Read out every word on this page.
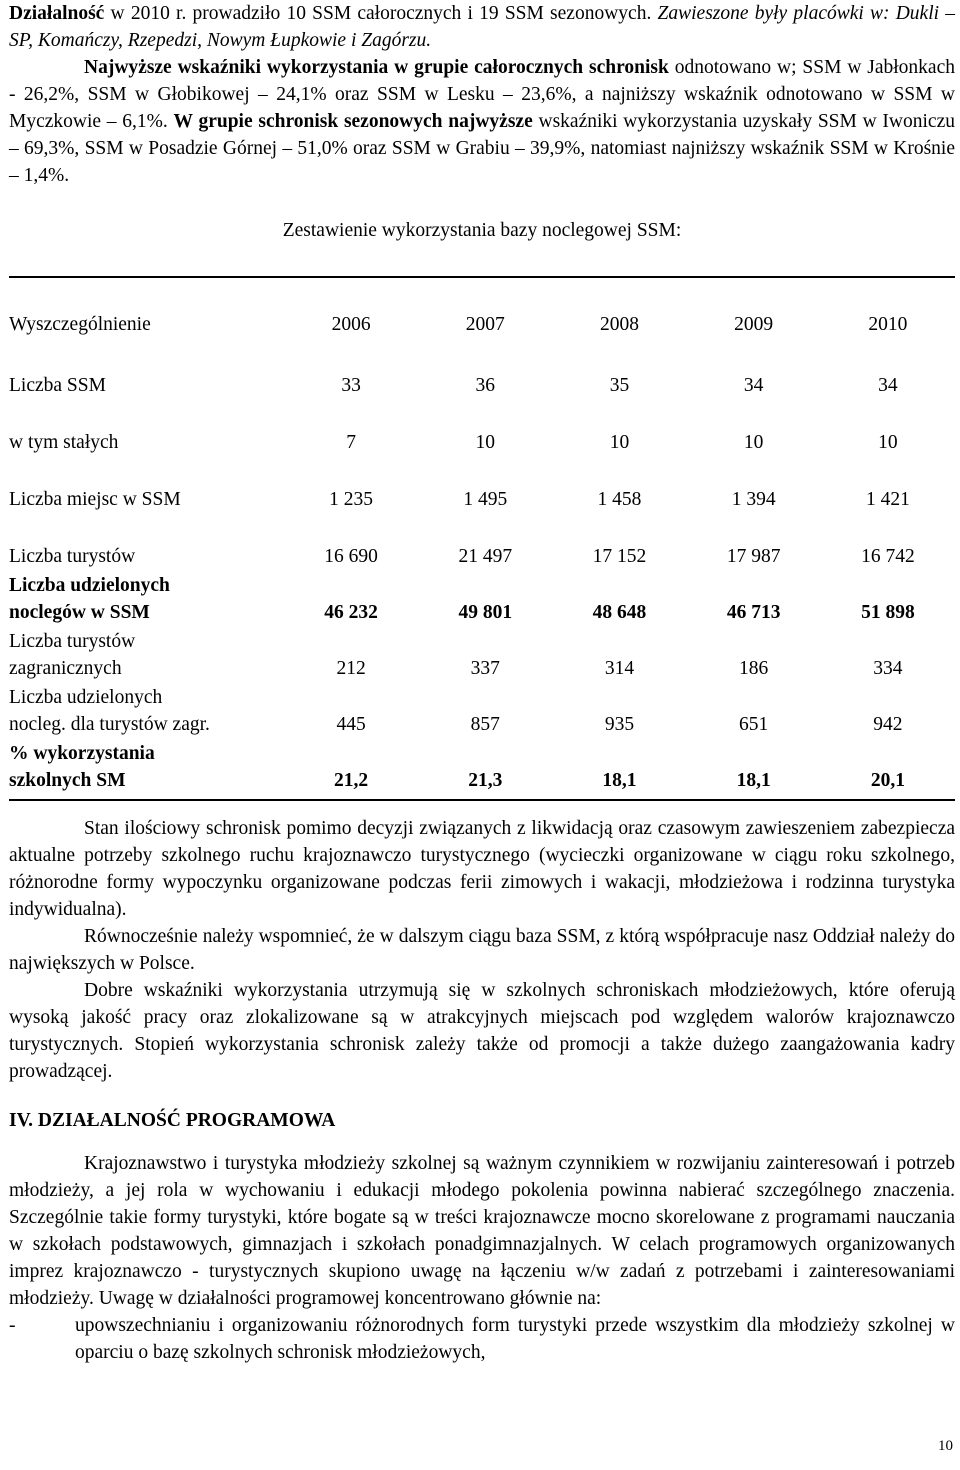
Działalność w 2010 r. prowadziło 10 SSM całorocznych i 19 SSM sezonowych. Zawieszone były placówki w: Dukli – SP, Komańczy, Rzepedzi, Nowym Łupkowie i Zagórzu.

Najwyższe wskaźniki wykorzystania w grupie całorocznych schronisk odnotowano w; SSM w Jabłonkach - 26,2%, SSM w Głobikowej – 24,1% oraz SSM w Lesku – 23,6%, a najniższy wskaźnik odnotowano w SSM w Myczkowie – 6,1%. W grupie schronisk sezonowych najwyższe wskaźniki wykorzystania uzyskały SSM w Iwoniczu – 69,3%, SSM w Posadzie Górnej – 51,0% oraz SSM w Grabiu – 39,9%, natomiast najniższy wskaźnik SSM w Krośnie – 1,4%.

Zestawienie wykorzystania bazy noclegowej SSM:
Wyszczególnienie	2006	2007	2008	2009	2010
Liczba SSM	33	36	35	34	34
w tym stałych	7	10	10	10	10
Liczba miejsc w SSM	1 235	1 495	1 458	1 394	1 421
Liczba turystów	16 690	21 497	17 152	17 987	16 742
Liczba udzielonych
noclegów w SSM	46 232	49 801	48 648	46 713	51 898
Liczba turystów
zagranicznych	212	337	314	186	334
Liczba udzielonych
nocleg. dla turystów zagr.	445	857	935	651	942
% wykorzystania
szkolnych SM	21,2	21,3	18,1	18,1	20,1

Stan ilościowy schronisk pomimo decyzji związanych z likwidacją oraz czasowym zawieszeniem zabezpiecza aktualne potrzeby szkolnego ruchu krajoznawczo turystycznego (wycieczki organizowane w ciągu roku szkolnego, różnorodne formy wypoczynku organizowane podczas ferii zimowych i wakacji, młodzieżowa i rodzinna turystyka indywidualna).

Równocześnie należy wspomnieć, że w dalszym ciągu baza SSM, z którą współpracuje nasz Oddział należy do największych w Polsce.

Dobre wskaźniki wykorzystania utrzymują się w szkolnych schroniskach młodzieżowych, które oferują wysoką jakość pracy oraz zlokalizowane są w atrakcyjnych miejscach pod względem walorów krajoznawczo turystycznych. Stopień wykorzystania schronisk zależy także od promocji a także dużego zaangażowania kadry prowadzącej.

IV. DZIAŁALNOŚĆ PROGRAMOWA

Krajoznawstwo i turystyka młodzieży szkolnej są ważnym czynnikiem w rozwijaniu zainteresowań i potrzeb młodzieży, a jej rola w wychowaniu i edukacji młodego pokolenia powinna nabierać szczególnego znaczenia. Szczególnie takie formy turystyki, które bogate są w treści krajoznawcze mocno skorelowane z programami nauczania w szkołach podstawowych, gimnazjach i szkołach ponadgimnazjalnych. W celach programowych organizowanych imprez krajoznawczo - turystycznych skupiono uwagę na łączeniu w/w zadań z potrzebami i zainteresowaniami młodzieży. Uwagę w działalności programowej koncentrowano głównie na:

-	upowszechnianiu i organizowaniu różnorodnych form turystyki przede wszystkim dla młodzieży szkolnej w oparciu o bazę szkolnych schronisk młodzieżowych,
10
